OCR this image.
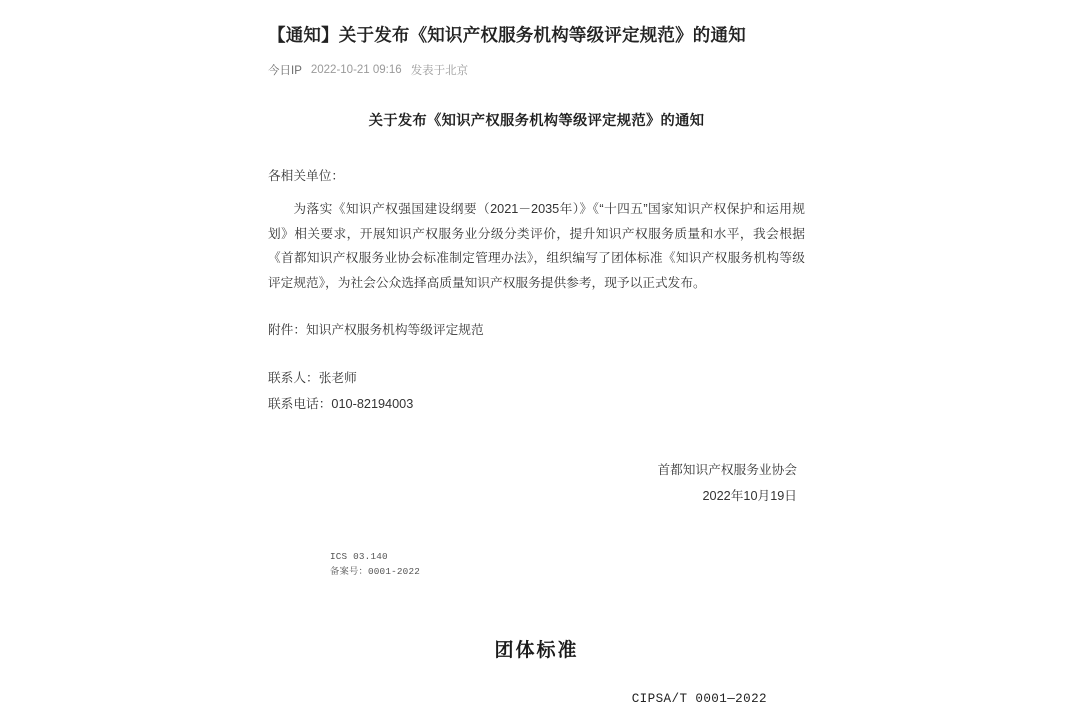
【通知】关于发布《知识产权服务机构等级评定规范》的通知
今日IP 2022-10-21 09:16 发表于北京
关于发布《知识产权服务机构等级评定规范》的通知
各相关单位：

为落实《知识产权强国建设纲要（2021－2035年）》《“十四五”国家知识产权保护和运用规划》相关要求，开展知识产权服务业分级分类评价，提升知识产权服务质量和水平，我会根据《首都知识产权服务业协会标准制定管理办法》，组织编写了团体标准《知识产权服务机构等级评定规范》，为社会公众选择高质量知识产权服务提供参考，现予以正式发布。

附件：知识产权服务机构等级评定规范
联系人：张老师
联系电话：010-82194003
首都知识产权服务业协会
2022年10月19日
ICS 03.140
备案号：0001-2022
团体标准
CIPSA/T 0001—2022
